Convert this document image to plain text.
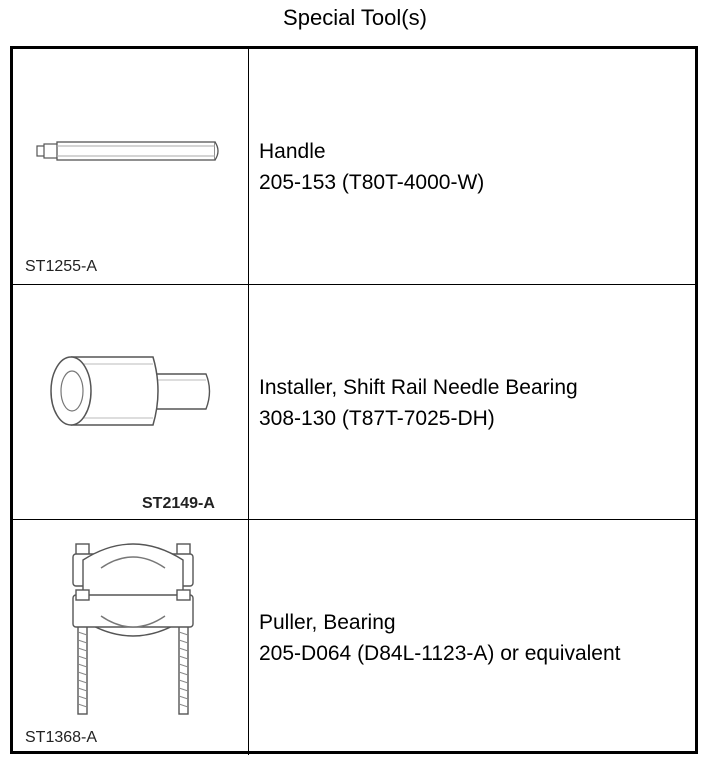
Special Tool(s)
ST1255-A
Handle
205-153 (T80T-4000-W)
ST2149-A
Installer, Shift Rail Needle Bearing
308-130 (T87T-7025-DH)
ST1368-A
Puller, Bearing
205-D064 (D84L-1123-A) or equivalent
